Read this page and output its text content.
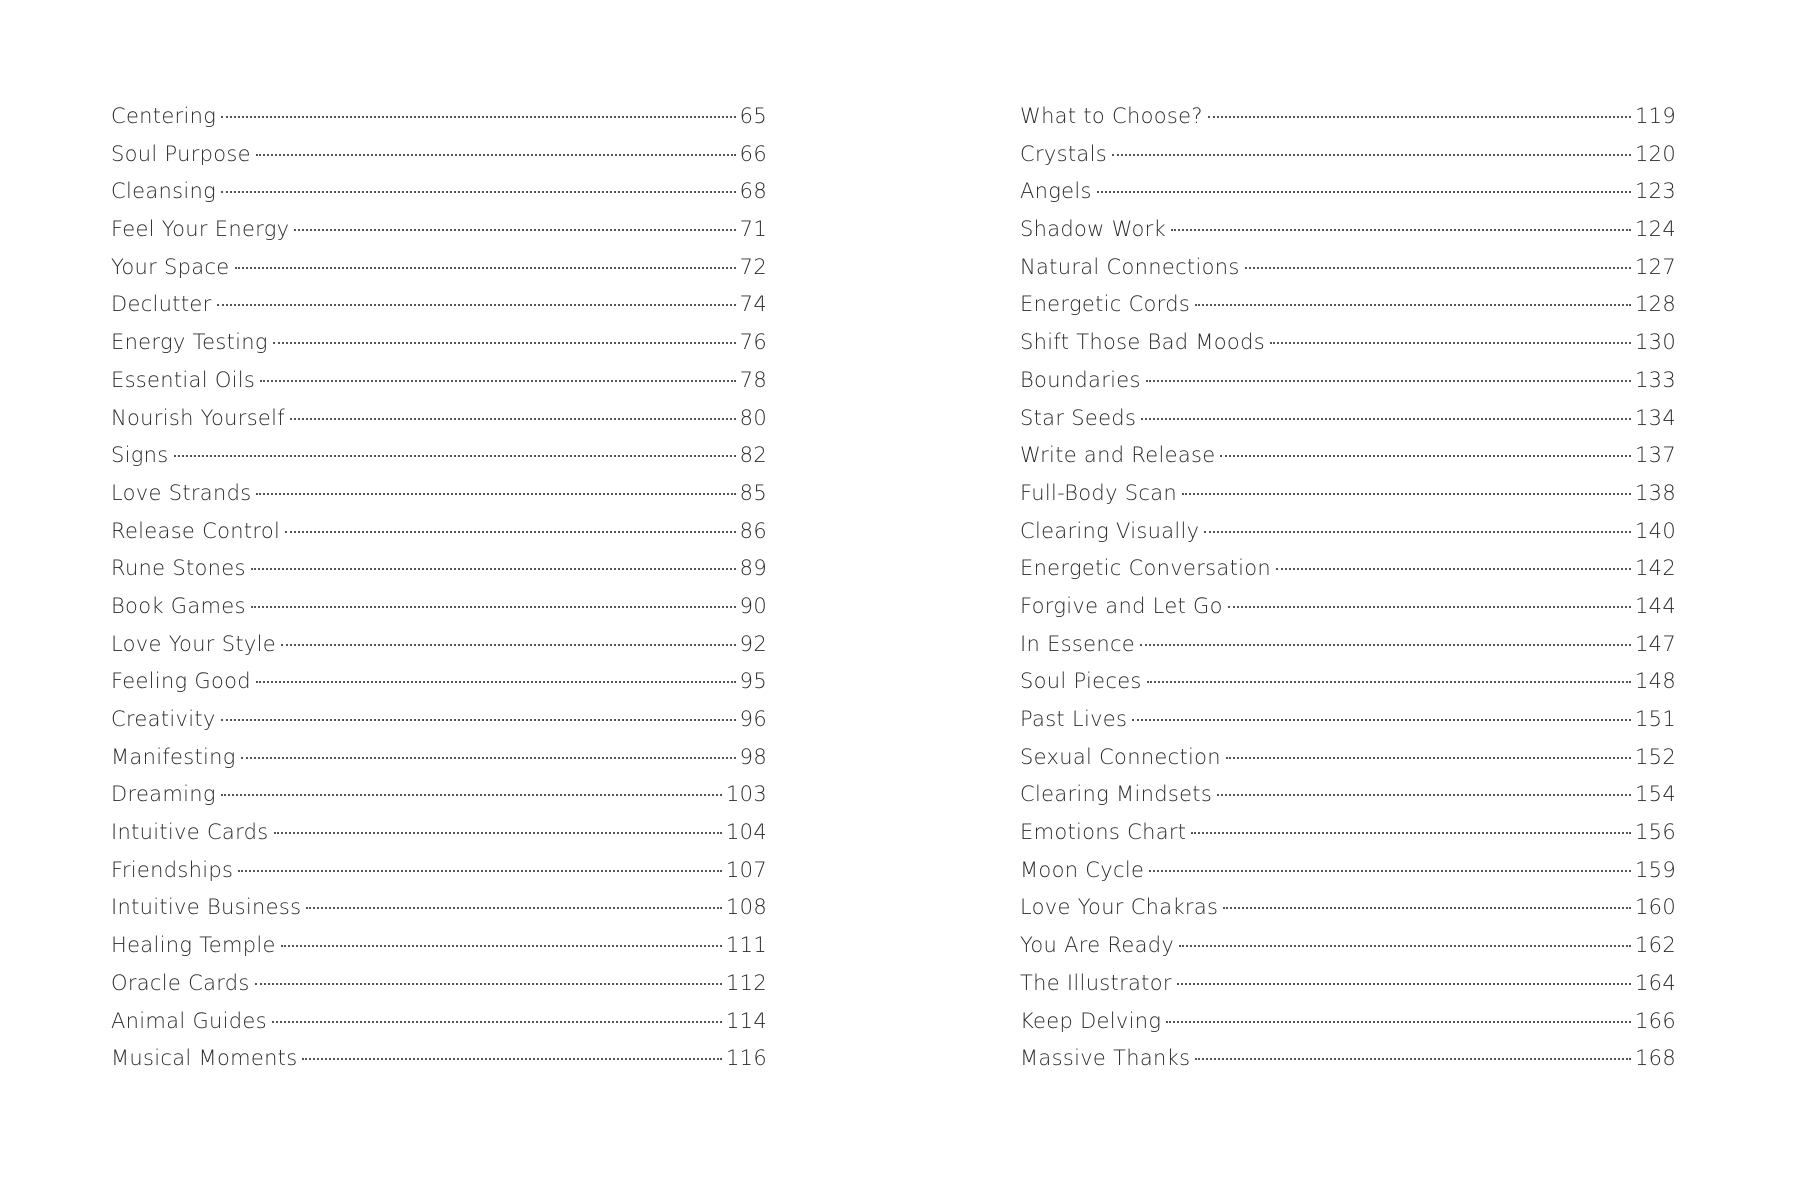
Centering	65
Soul Purpose	66
Cleansing	68
Feel Your Energy	71
Your Space	72
Declutter	74
Energy Testing	76
Essential Oils	78
Nourish Yourself	80
Signs	82
Love Strands	85
Release Control	86
Rune Stones	89
Book Games	90
Love Your Style	92
Feeling Good	95
Creativity	96
Manifesting	98
Dreaming	103
Intuitive Cards	104
Friendships	107
Intuitive Business	108
Healing Temple	111
Oracle Cards	112
Animal Guides	114
Musical Moments	116
What to Choose?	119
Crystals	120
Angels	123
Shadow Work	124
Natural Connections	127
Energetic Cords	128
Shift Those Bad Moods	130
Boundaries	133
Star Seeds	134
Write and Release	137
Full-Body Scan	138
Clearing Visually	140
Energetic Conversation	142
Forgive and Let Go	144
In Essence	147
Soul Pieces	148
Past Lives	151
Sexual Connection	152
Clearing Mindsets	154
Emotions Chart	156
Moon Cycle	159
Love Your Chakras	160
You Are Ready	162
The Illustrator	164
Keep Delving	166
Massive Thanks	168
